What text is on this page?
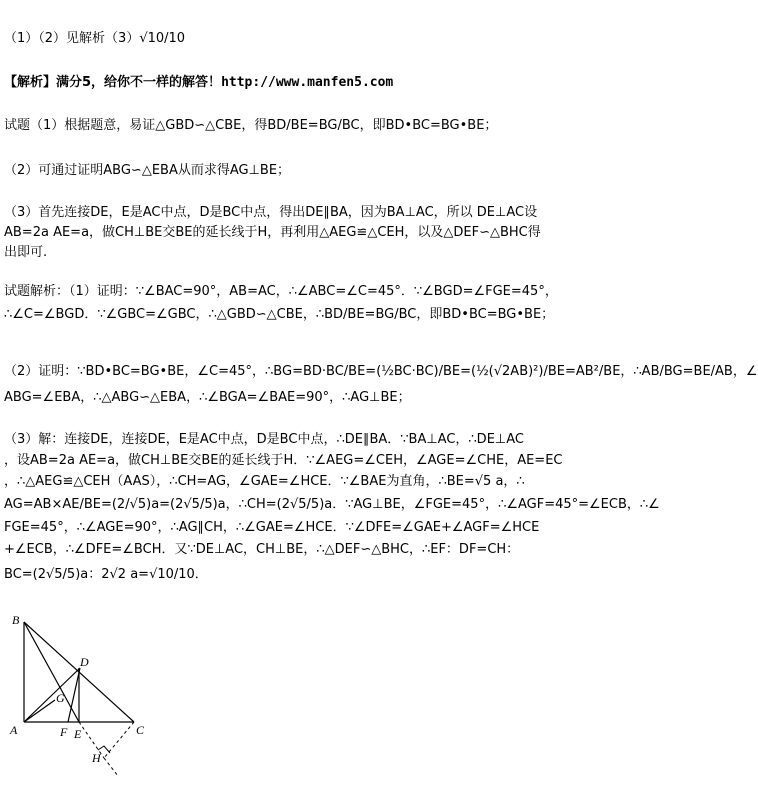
（1）（2）见解析（3）√10/10
【解析】满分5，给你不一样的解答！http://www.manfen5.com
试题（1）根据题意，易证△GBD∽△CBE，得BD/BE=BG/BC，即BD•BC=BG•BE；
（2）可通过证明ABG∽△EBA从而求得AG⊥BE；
（3）首先连接DE，E是AC中点，D是BC中点，得出DE∥BA，因为BA⊥AC，所以 DE⊥AC设
AB=2a AE=a，做CH⊥BE交BE的延长线于H，再利用△AEG≌△CEH，以及△DEF∽△BHC得
出即可.
试题解析：（1）证明：∵∠BAC=90°，AB=AC，∴∠ABC=∠C=45°．∵∠BGD=∠FGE=45°，
∴∠C=∠BGD．∵∠GBC=∠GBC，∴△GBD∽△CBE，∴BD/BE=BG/BC，即BD•BC=BG•BE；
（2）证明：∵BD•BC=BG•BE，∠C=45°，∴BG=BD·BC/BE=(½BC·BC)/BE=(½(√2AB)²)/BE=AB²/BE，∴AB/BG=BE/AB，∠
ABG=∠EBA，∴△ABG∽△EBA，∴∠BGA=∠BAE=90°，∴AG⊥BE；
（3）解：连接DE，连接DE，E是AC中点，D是BC中点，∴DE∥BA．∵BA⊥AC，∴DE⊥AC
，设AB=2a AE=a，做CH⊥BE交BE的延长线于H．∵∠AEG=∠CEH，∠AGE=∠CHE，AE=EC
，∴△AEG≌△CEH（AAS），∴CH=AG，∠GAE=∠HCE．∵∠BAE为直角，∴BE=√5 a，∴
AG=AB×AE/BE=(2/√5)a=(2√5/5)a，∴CH=(2√5/5)a．∵AG⊥BE，∠FGE=45°，∴∠AGF=45°=∠ECB，∴∠
FGE=45°，∴∠AGE=90°，∴AG∥CH，∴∠GAE=∠HCE．∵∠DFE=∠GAE+∠AGF=∠HCE
+∠ECB，∴∠DFE=∠BCH．又∵DE⊥AC，CH⊥BE，∴△DEF∽△BHC，∴EF：DF=CH：
BC=(2√5/5)a：2√2 a=√10/10．
B
D
G
A	F E	C
H
